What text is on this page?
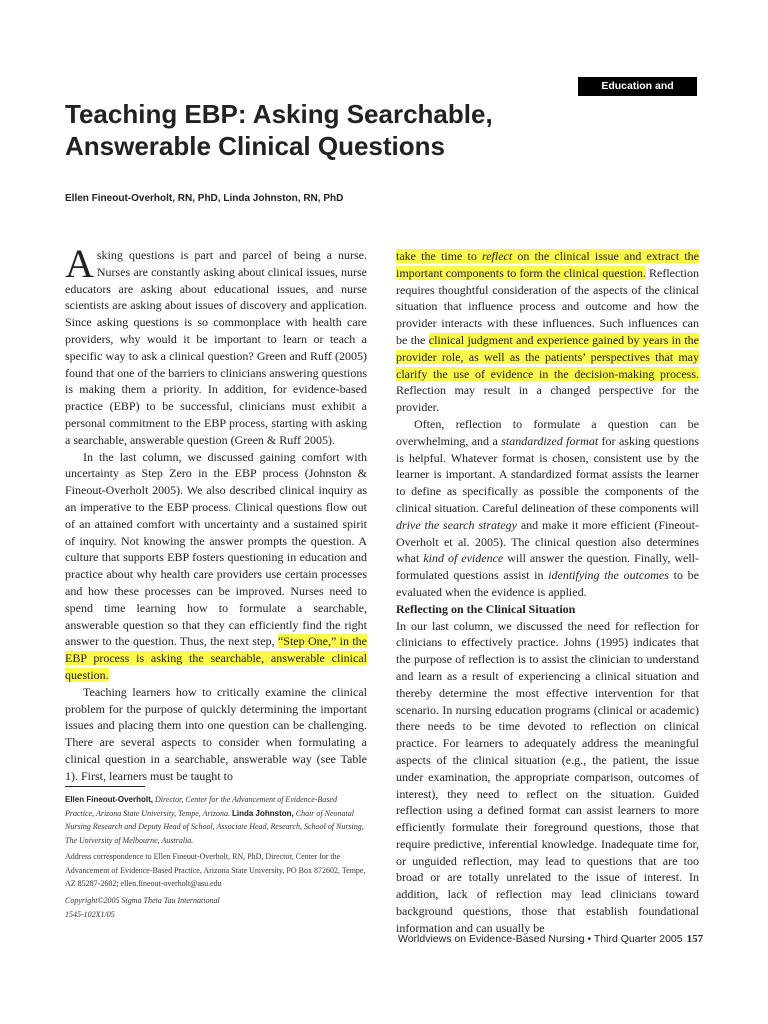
Education and Teaching
Teaching EBP: Asking Searchable,
Answerable Clinical Questions
Ellen Fineout-Overholt, RN, PhD, Linda Johnston, RN, PhD

Asking questions is part and parcel of being a nurse. Nurses are constantly asking about clinical issues, nurse educators are asking about educational issues, and nurse scientists are asking about issues of discovery and application. Since asking questions is so commonplace with health care providers, why would it be important to learn or teach a specific way to ask a clinical question? Green and Ruff (2005) found that one of the barriers to clinicians answering questions is making them a priority. In addition, for evidence-based practice (EBP) to be successful, clinicians must exhibit a personal commitment to the EBP process, starting with asking a searchable, answerable question (Green & Ruff 2005).

In the last column, we discussed gaining comfort with uncertainty as Step Zero in the EBP process (Johnston & Fineout-Overholt 2005). We also described clinical inquiry as an imperative to the EBP process. Clinical questions flow out of an attained comfort with uncertainty and a sustained spirit of inquiry. Not knowing the answer prompts the question. A culture that supports EBP fosters questioning in education and practice about why health care providers use certain processes and how these processes can be improved. Nurses need to spend time learning how to formulate a searchable, answerable question so that they can efficiently find the right answer to the question. Thus, the next step, “Step One,” in the EBP process is asking the searchable, answerable clinical question.

Teaching learners how to critically examine the clinical problem for the purpose of quickly determining the important issues and placing them into one question can be challenging. There are several aspects to consider when formulating a clinical question in a searchable, answerable way (see Table 1). First, learners must be taught to

take the time to reflect on the clinical issue and extract the important components to form the clinical question. Reflection requires thoughtful consideration of the aspects of the clinical situation that influence process and outcome and how the provider interacts with these influences. Such influences can be the clinical judgment and experience gained by years in the provider role, as well as the patients’ perspectives that may clarify the use of evidence in the decision-making process. Reflection may result in a changed perspective for the provider.

Often, reflection to formulate a question can be overwhelming, and a standardized format for asking questions is helpful. Whatever format is chosen, consistent use by the learner is important. A standardized format assists the learner to define as specifically as possible the components of the clinical situation. Careful delineation of these components will drive the search strategy and make it more efficient (Fineout-Overholt et al. 2005). The clinical question also determines what kind of evidence will answer the question. Finally, well-formulated questions assist in identifying the outcomes to be evaluated when the evidence is applied.

Reflecting on the Clinical Situation

In our last column, we discussed the need for reflection for clinicians to effectively practice. Johns (1995) indicates that the purpose of reflection is to assist the clinician to understand and learn as a result of experiencing a clinical situation and thereby determine the most effective intervention for that scenario. In nursing education programs (clinical or academic) there needs to be time devoted to reflection on clinical practice. For learners to adequately address the meaningful aspects of the clinical situation (e.g., the patient, the issue under examination, the appropriate comparison, outcomes of interest), they need to reflect on the situation. Guided reflection using a defined format can assist learners to more efficiently formulate their foreground questions, those that require predictive, inferential knowledge. Inadequate time for, or unguided reflection, may lead to questions that are too broad or are totally unrelated to the issue of interest. In addition, lack of reflection may lead clinicians toward background questions, those that establish foundational information and can usually be

Ellen Fineout-Overholt, Director, Center for the Advancement of Evidence-Based Practice, Arizona State University, Tempe, Arizona. Linda Johnston, Chair of Neonatal Nursing Research and Deputy Head of School, Associate Head, Research, School of Nursing, The University of Melbourne, Australia.
Address correspondence to Ellen Fineout-Overholt, RN, PhD, Director, Center for the Advancement of Evidence-Based Practice, Arizona State University, PO Box 872602, Tempe, AZ 85287-2602; ellen.fineout-overholt@asu.edu
Copyright©2005 Sigma Theta Tau International
1545-102X1/05
Worldviews on Evidence-Based Nursing • Third Quarter 2005 157
